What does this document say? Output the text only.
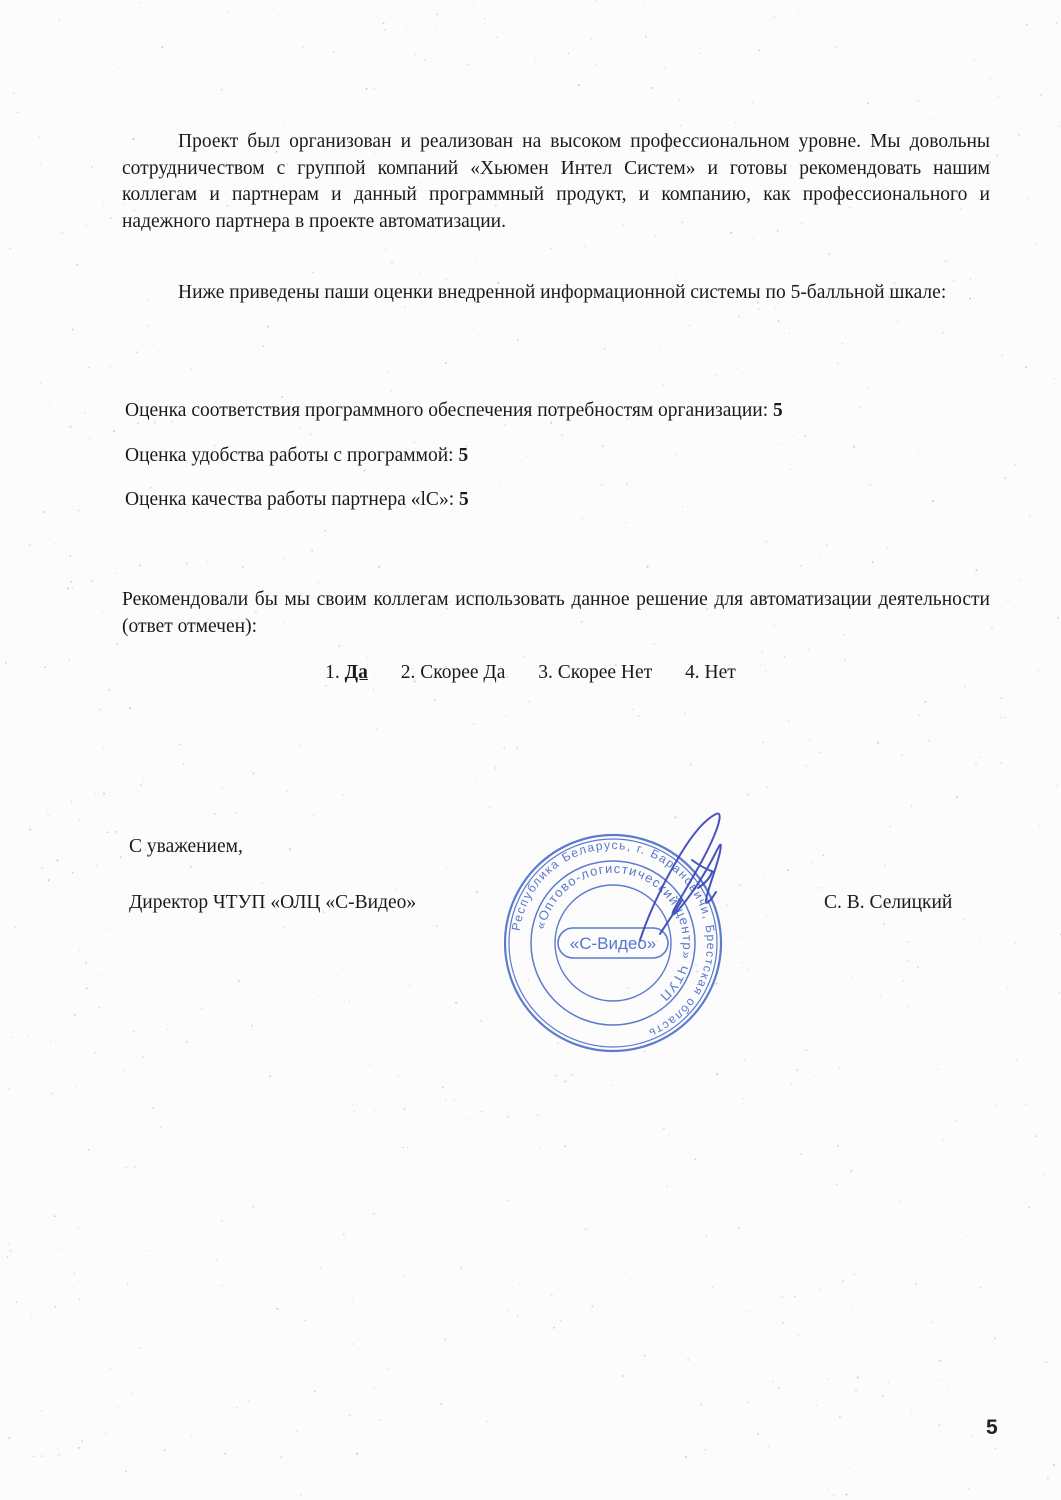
Проект был организован и реализован на высоком профессиональном уровне. Мы довольны сотрудничеством с группой компаний «Хьюмен Интел Систем» и готовы рекомендовать нашим коллегам и партнерам и данный программный продукт, и компанию, как профессионального и надежного партнера в проекте автоматизации.

Ниже приведены паши оценки внедренной информационной системы по 5-балльной шкале:

Оценка соответствия программного обеспечения потребностям организации: 5
Оценка удобства работы с программой: 5
Оценка качества работы партнера «lC»: 5

Рекомендовали бы мы своим коллегам использовать данное решение для автоматизации деятельности (ответ отмечен):

1. Да 2. Скорее Да 3. Скорее Нет 4. Нет
С уважением,
Директор ЧТУП «ОЛЦ «С-Видео»	С. В. Селицкий
Республика Беларусь, г. Барановичи, Брестская область
«Оптово-логистический центр» ЧТУП
«С-Видео»
5
